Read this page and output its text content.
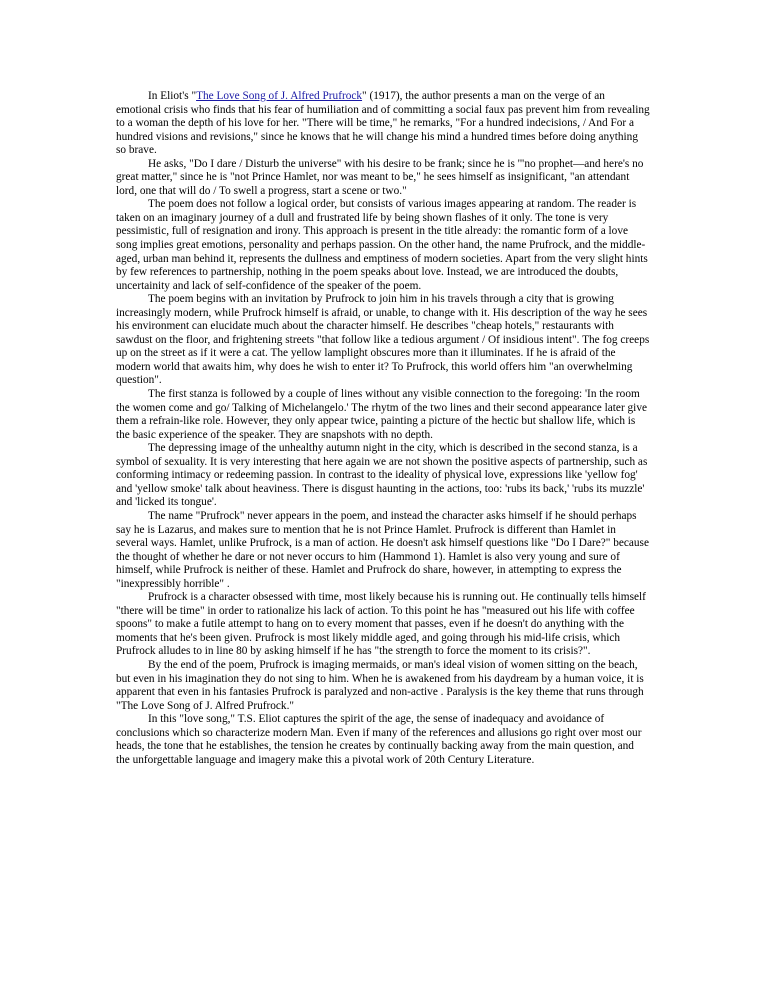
In Eliot's "The Love Song of J. Alfred Prufrock" (1917), the author presents a man on the verge of an emotional crisis who finds that his fear of humiliation and of committing a social faux pas prevent him from revealing to a woman the depth of his love for her. "There will be time," he remarks, "For a hundred indecisions, / And For a hundred visions and revisions," since he knows that he will change his mind a hundred times before doing anything so brave.

He asks, "Do I dare / Disturb the universe" with his desire to be frank; since he is '"no prophet—and here's no great matter," since he is "not Prince Hamlet, nor was meant to be," he sees himself as insignificant, "an attendant lord, one that will do / To swell a progress, start a scene or two."

The poem does not follow a logical order, but consists of various images appearing at random. The reader is taken on an imaginary journey of a dull and frustrated life by being shown flashes of it only. The tone is very pessimistic, full of resignation and irony. This approach is present in the title already: the romantic form of a love song implies great emotions, personality and perhaps passion. On the other hand, the name Prufrock, and the middle-aged, urban man behind it, represents the dullness and emptiness of modern societies. Apart from the very slight hints by few references to partnership, nothing in the poem speaks about love. Instead, we are introduced the doubts, uncertainity and lack of self-confidence of the speaker of the poem.

The poem begins with an invitation by Prufrock to join him in his travels through a city that is growing increasingly modern, while Prufrock himself is afraid, or unable, to change with it. His description of the way he sees his environment can elucidate much about the character himself. He describes "cheap hotels," restaurants with sawdust on the floor, and frightening streets "that follow like a tedious argument / Of insidious intent". The fog creeps up on the street as if it were a cat. The yellow lamplight obscures more than it illuminates. If he is afraid of the modern world that awaits him, why does he wish to enter it? To Prufrock, this world offers him "an overwhelming question".

The first stanza is followed by a couple of lines without any visible connection to the foregoing: 'In the room the women come and go/ Talking of Michelangelo.' The rhytm of the two lines and their second appearance later give them a refrain-like role. However, they only appear twice, painting a picture of the hectic but shallow life, which is the basic experience of the speaker. They are snapshots with no depth.

The depressing image of the unhealthy autumn night in the city, which is described in the second stanza, is a symbol of sexuality. It is very interesting that here again we are not shown the positive aspects of partnership, such as conforming intimacy or redeeming passion. In contrast to the ideality of physical love, expressions like 'yellow fog' and 'yellow smoke' talk about heaviness. There is disgust haunting in the actions, too: 'rubs its back,' 'rubs its muzzle' and 'licked its tongue'.

The name "Prufrock" never appears in the poem, and instead the character asks himself if he should perhaps say he is Lazarus, and makes sure to mention that he is not Prince Hamlet. Prufrock is different than Hamlet in several ways. Hamlet, unlike Prufrock, is a man of action. He doesn't ask himself questions like "Do I Dare?" because the thought of whether he dare or not never occurs to him (Hammond 1). Hamlet is also very young and sure of himself, while Prufrock is neither of these. Hamlet and Prufrock do share, however, in attempting to express the "inexpressibly horrible" .

Prufrock is a character obsessed with time, most likely because his is running out. He continually tells himself "there will be time" in order to rationalize his lack of action. To this point he has "measured out his life with coffee spoons" to make a futile attempt to hang on to every moment that passes, even if he doesn't do anything with the moments that he's been given. Prufrock is most likely middle aged, and going through his mid-life crisis, which Prufrock alludes to in line 80 by asking himself if he has "the strength to force the moment to its crisis?".

By the end of the poem, Prufrock is imaging mermaids, or man's ideal vision of women sitting on the beach, but even in his imagination they do not sing to him. When he is awakened from his daydream by a human voice, it is apparent that even in his fantasies Prufrock is paralyzed and non-active . Paralysis is the key theme that runs through "The Love Song of J. Alfred Prufrock."

In this "love song," T.S. Eliot captures the spirit of the age, the sense of inadequacy and avoidance of conclusions which so characterize modern Man. Even if many of the references and allusions go right over most our heads, the tone that he establishes, the tension he creates by continually backing away from the main question, and the unforgettable language and imagery make this a pivotal work of 20th Century Literature.
